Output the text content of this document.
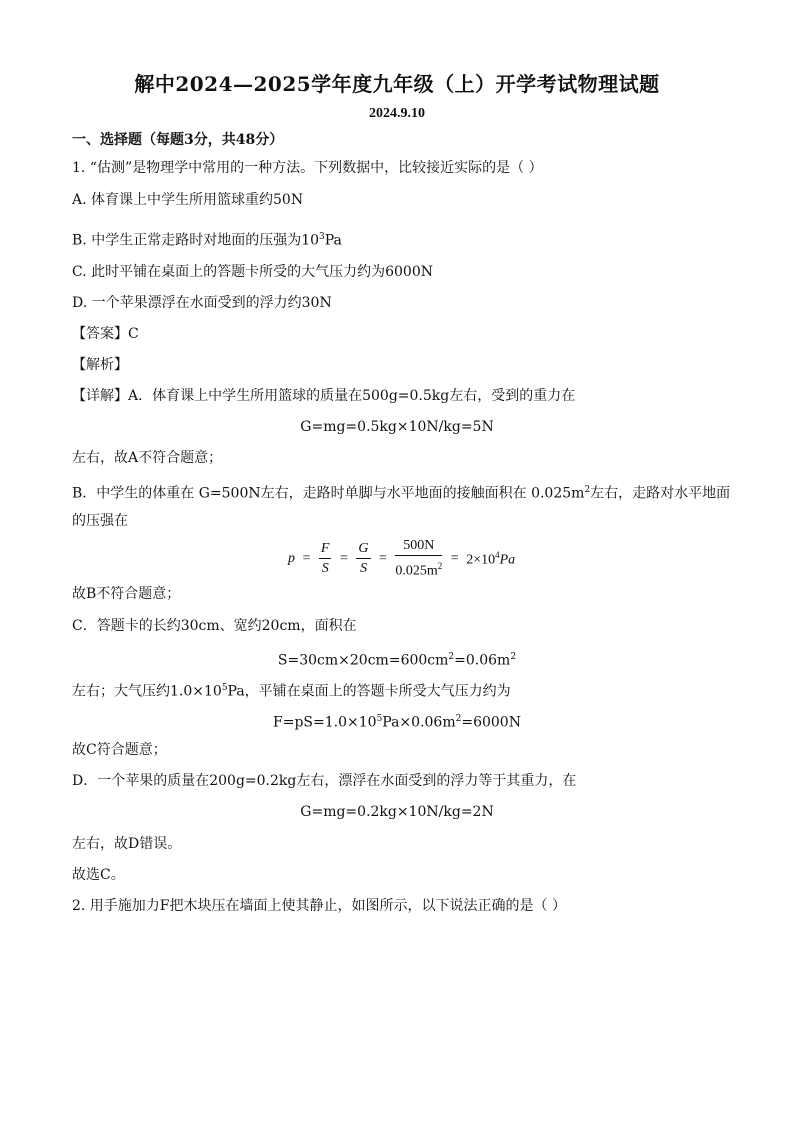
解中2024—2025学年度九年级（上）开学考试物理试题
2024.9.10
一、选择题（每题3分，共48分）
1. “估测”是物理学中常用的一种方法。下列数据中，比较接近实际的是（ ）
A. 体育课上中学生所用篮球重约50N
B. 中学生正常走路时对地面的压强为$10^3Pa$
C. 此时平铺在桌面上的答题卡所受的大气压力约为6000N
D. 一个苹果漂浮在水面受到的浮力约30N
【答案】C
【解析】
【详解】A．体育课上中学生所用篮球的质量在500g=0.5kg左右，受到的重力在
G=mg=0.5kg×10N/kg=5N
左右，故A不符合题意；
B．中学生的体重在 G=500N左右，走路时单脚与水平地面的接触面积在 $0.025m^2$左右，走路对水平地面
的压强在
$p = \frac{F}{S} = \frac{G}{S} = \frac{500N}{0.025m^2} = 2\times 10^4Pa$
故B不符合题意；
C．答题卡的长约30cm、宽约20cm，面积在
$S=30cm\times 20cm=600cm^2=0.06m^2$
左右；大气压约$1.0\times 10^5Pa$，平铺在桌面上的答题卡所受大气压力约为
$F=pS=1.0\times 10^5Pa\times 0.06m^2=6000N$
故C符合题意；
D．一个苹果的质量在200g=0.2kg左右，漂浮在水面受到的浮力等于其重力，在
G=mg=0.2kg×10N/kg=2N
左右，故D错误。
故选C。
2. 用手施加力F把木块压在墙面上使其静止，如图所示，以下说法正确的是（ ）
